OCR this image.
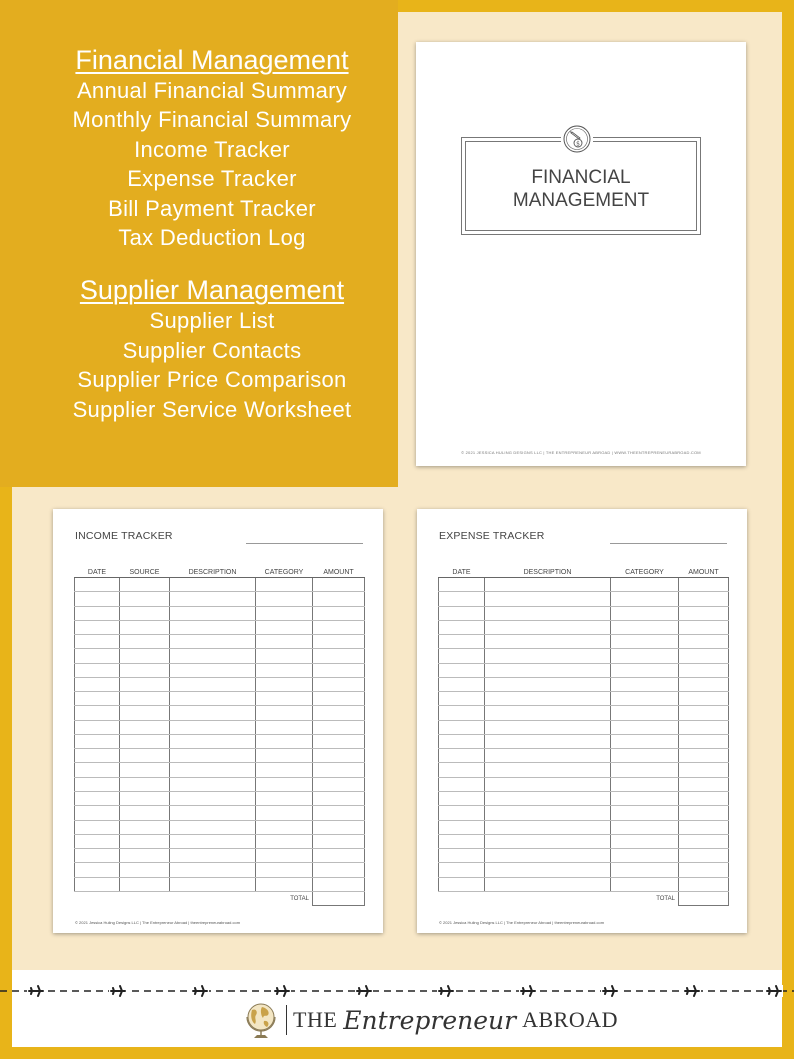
Financial Management
Annual Financial Summary
Monthly Financial Summary
Income Tracker
Expense Tracker
Bill Payment Tracker
Tax Deduction Log
Supplier Management
Supplier List
Supplier Contacts
Supplier Price Comparison
Supplier Service Worksheet
FINANCIAL
MANAGEMENT
$
© 2021 JESSICA HULING DESIGNS LLC | THE ENTREPRENEUR ABROAD | WWW.THEENTREPRENEURABROAD.COM
INCOME TRACKER
DATE	SOURCE	DESCRIPTION	CATEGORY	AMOUNT

TOTAL				
© 2021 Jessica Huling Designs LLC | The Entrepreneur Abroad | theentrepreneurabroad.com
EXPENSE TRACKER
DATE	DESCRIPTION	CATEGORY	AMOUNT

TOTAL			
© 2021 Jessica Huling Designs LLC | The Entrepreneur Abroad | theentrepreneurabroad.com
THE Entrepreneur ABROAD
